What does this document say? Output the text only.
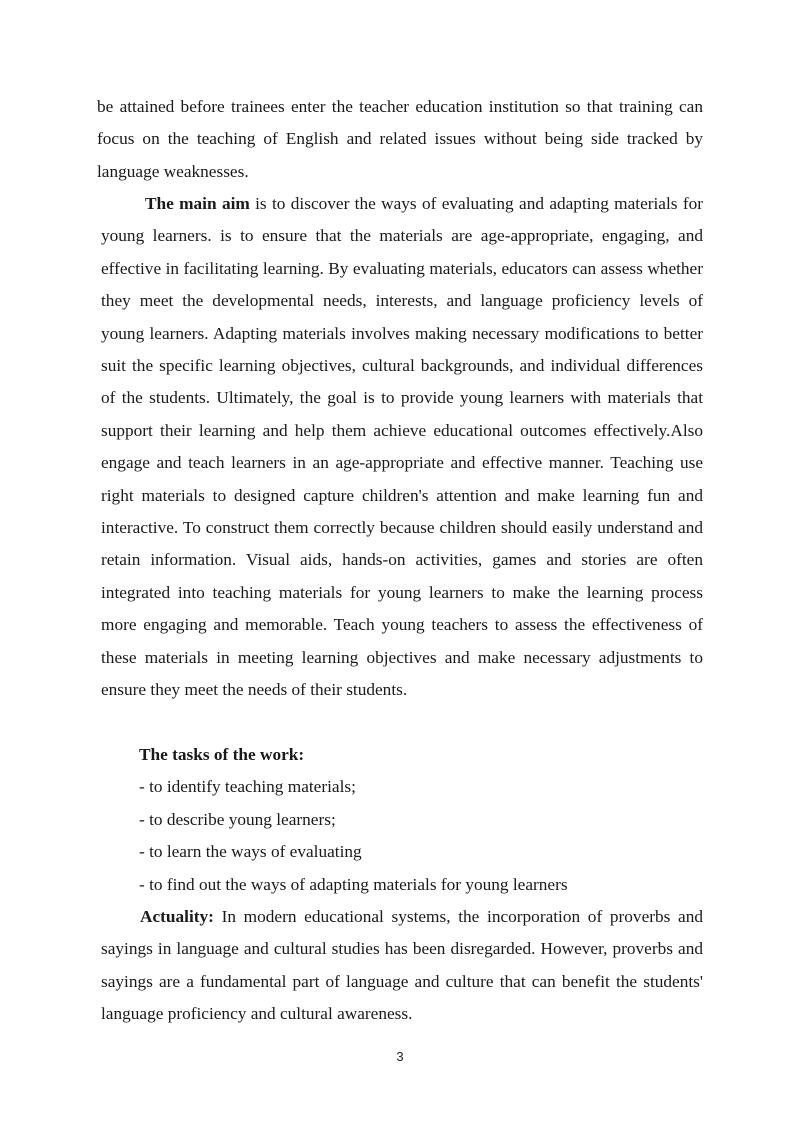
be attained before trainees enter the teacher education institution so that training can focus on the teaching of English and related issues without being side tracked by language weaknesses.

The main aim is to discover the ways of evaluating and adapting materials for young learners. is to ensure that the materials are age-appropriate, engaging, and effective in facilitating learning. By evaluating materials, educators can assess whether they meet the developmental needs, interests, and language proficiency levels of young learners. Adapting materials involves making necessary modifications to better suit the specific learning objectives, cultural backgrounds, and individual differences of the students. Ultimately, the goal is to provide young learners with materials that support their learning and help them achieve educational outcomes effectively.Also engage and teach learners in an age-appropriate and effective manner. Teaching use right materials to designed capture children's attention and make learning fun and interactive. To construct them correctly because children should easily understand and retain information. Visual aids, hands-on activities, games and stories are often integrated into teaching materials for young learners to make the learning process more engaging and memorable. Teach young teachers to assess the effectiveness of these materials in meeting learning objectives and make necessary adjustments to ensure they meet the needs of their students.

The tasks of the work:
- to identify teaching materials;
- to describe young learners;
- to learn the ways of evaluating
- to find out the ways of adapting materials for young learners

Actuality: In modern educational systems, the incorporation of proverbs and sayings in language and cultural studies has been disregarded. However, proverbs and sayings are a fundamental part of language and culture that can benefit the students' language proficiency and cultural awareness.

3
